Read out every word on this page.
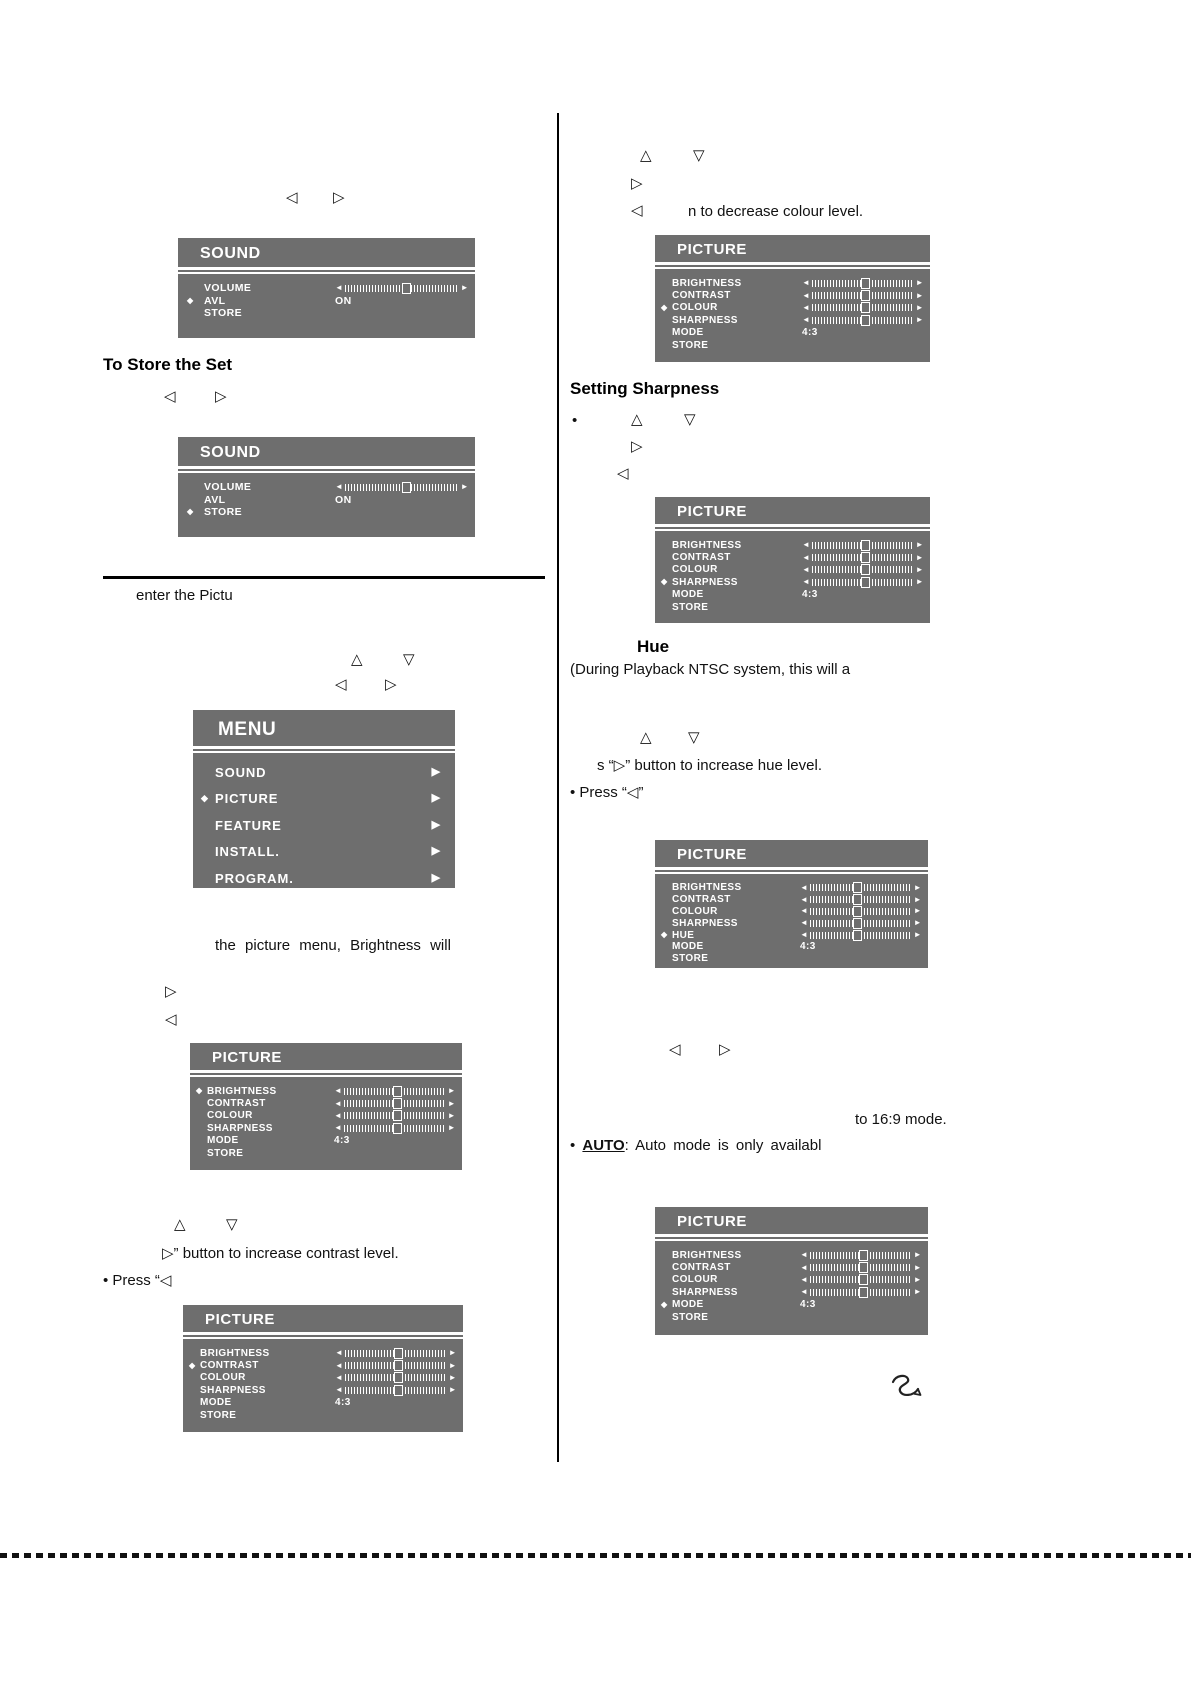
◁ ▷
To Store the Set
◁	▷
enter the Pictu
△	▽
◁	▷
the picture menu, Brightness will
▷
◁
△	▽
▷” button to increase contrast level.
• Press “◁
△	▽
▷
◁	n to decrease colour level.
Setting Sharpness
•	△	▽
▷
◁
Hue
(During Playback NTSC system, this will a
△ ▽
s “▷” button to increase hue level.
• Press “◁”
◁	▷
to 16:9 mode.
• AUTO: Auto mode is only availabl
SOUND
VOLUME	◄	►
◆ AVL	ON
STORE
SOUND
VOLUME	◄	►
AVL	ON
◆ STORE
MENU
SOUND	▶
◆ PICTURE	▶
FEATURE	▶
INSTALL.	▶
PROGRAM.	▶
PICTURE
◆ BRIGHTNESS	◄	►
CONTRAST	◄	►
COLOUR	◄	►
SHARPNESS	◄	►
MODE	4:3
STORE
PICTURE
BRIGHTNESS	◄	►
◆ CONTRAST	◄	►
COLOUR	◄	►
SHARPNESS	◄	►
MODE	4:3
STORE
PICTURE
BRIGHTNESS	◄	►
CONTRAST	◄	►
◆ COLOUR	◄	►
SHARPNESS	◄	►
MODE	4:3
STORE
PICTURE
BRIGHTNESS	◄	►
CONTRAST	◄	►
COLOUR	◄	►
◆ SHARPNESS	◄	►
MODE	4:3
STORE
PICTURE
BRIGHTNESS	◄	►
CONTRAST	◄	►
COLOUR	◄	►
SHARPNESS	◄	►
◆ HUE	◄	►
MODE	4:3
STORE
PICTURE
BRIGHTNESS	◄	►
CONTRAST	◄	►
COLOUR	◄	►
SHARPNESS	◄	►
◆ MODE	4:3
STORE
